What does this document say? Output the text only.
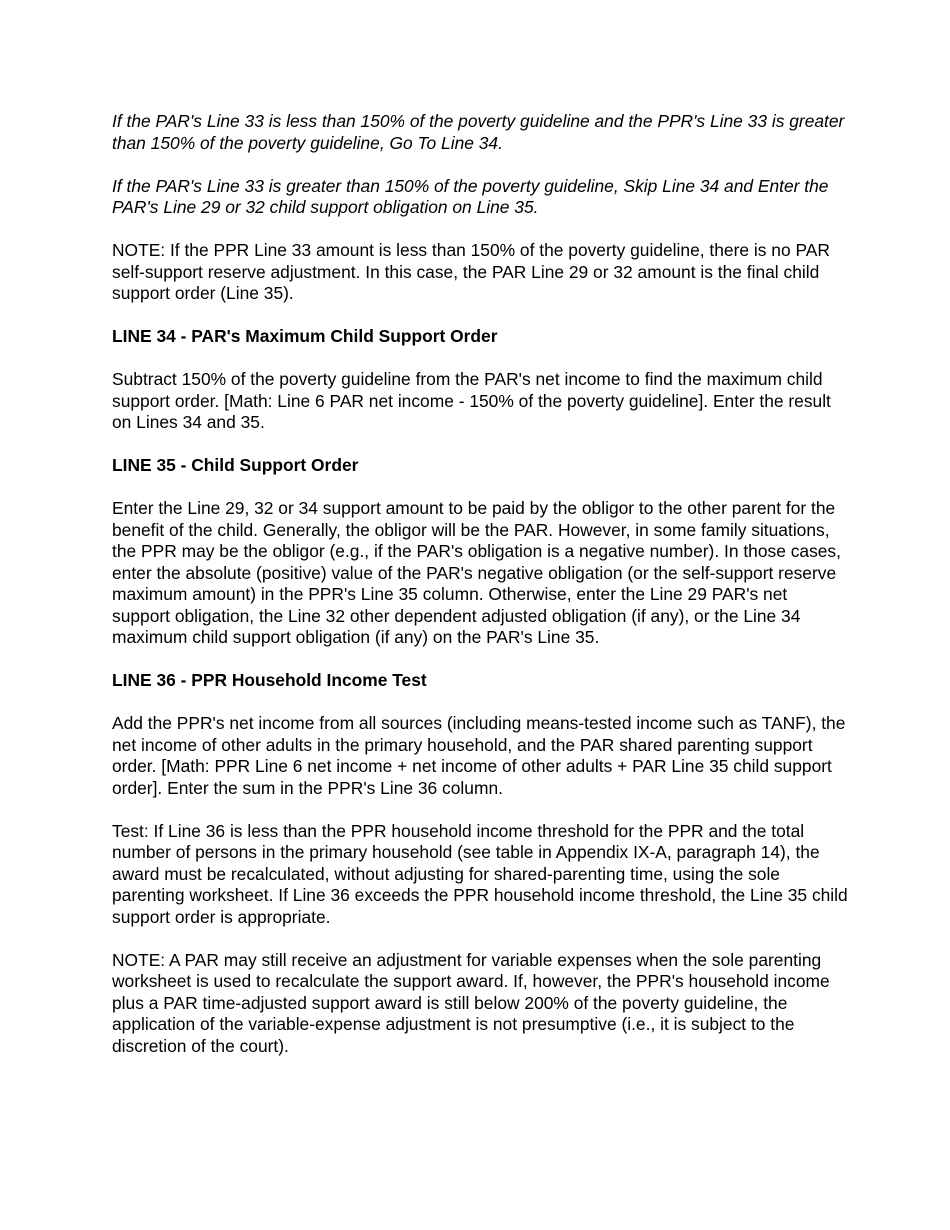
If the PAR's Line 33 is less than 150% of the poverty guideline and the PPR's Line 33 is greater than 150% of the poverty guideline, Go To Line 34.

If the PAR's Line 33 is greater than 150% of the poverty guideline, Skip Line 34 and Enter the PAR's Line 29 or 32 child support obligation on Line 35.

NOTE: If the PPR Line 33 amount is less than 150% of the poverty guideline, there is no PAR self-support reserve adjustment. In this case, the PAR Line 29 or 32 amount is the final child support order (Line 35).

LINE 34 - PAR's Maximum Child Support Order

Subtract 150% of the poverty guideline from the PAR's net income to find the maximum child support order. [Math: Line 6 PAR net income - 150% of the poverty guideline]. Enter the result on Lines 34 and 35.

LINE 35 - Child Support Order

Enter the Line 29, 32 or 34 support amount to be paid by the obligor to the other parent for the benefit of the child. Generally, the obligor will be the PAR. However, in some family situations, the PPR may be the obligor (e.g., if the PAR's obligation is a negative number). In those cases, enter the absolute (positive) value of the PAR's negative obligation (or the self-support reserve maximum amount) in the PPR's Line 35 column. Otherwise, enter the Line 29 PAR's net support obligation, the Line 32 other dependent adjusted obligation (if any), or the Line 34 maximum child support obligation (if any) on the PAR's Line 35.

LINE 36 - PPR Household Income Test

Add the PPR's net income from all sources (including means-tested income such as TANF), the net income of other adults in the primary household, and the PAR shared parenting support order. [Math: PPR Line 6 net income + net income of other adults + PAR Line 35 child support order]. Enter the sum in the PPR's Line 36 column.

Test: If Line 36 is less than the PPR household income threshold for the PPR and the total number of persons in the primary household (see table in Appendix IX-A, paragraph 14), the award must be recalculated, without adjusting for shared-parenting time, using the sole parenting worksheet. If Line 36 exceeds the PPR household income threshold, the Line 35 child support order is appropriate.

NOTE: A PAR may still receive an adjustment for variable expenses when the sole parenting worksheet is used to recalculate the support award. If, however, the PPR's household income plus a PAR time-adjusted support award is still below 200% of the poverty guideline, the application of the variable-expense adjustment is not presumptive (i.e., it is subject to the discretion of the court).
